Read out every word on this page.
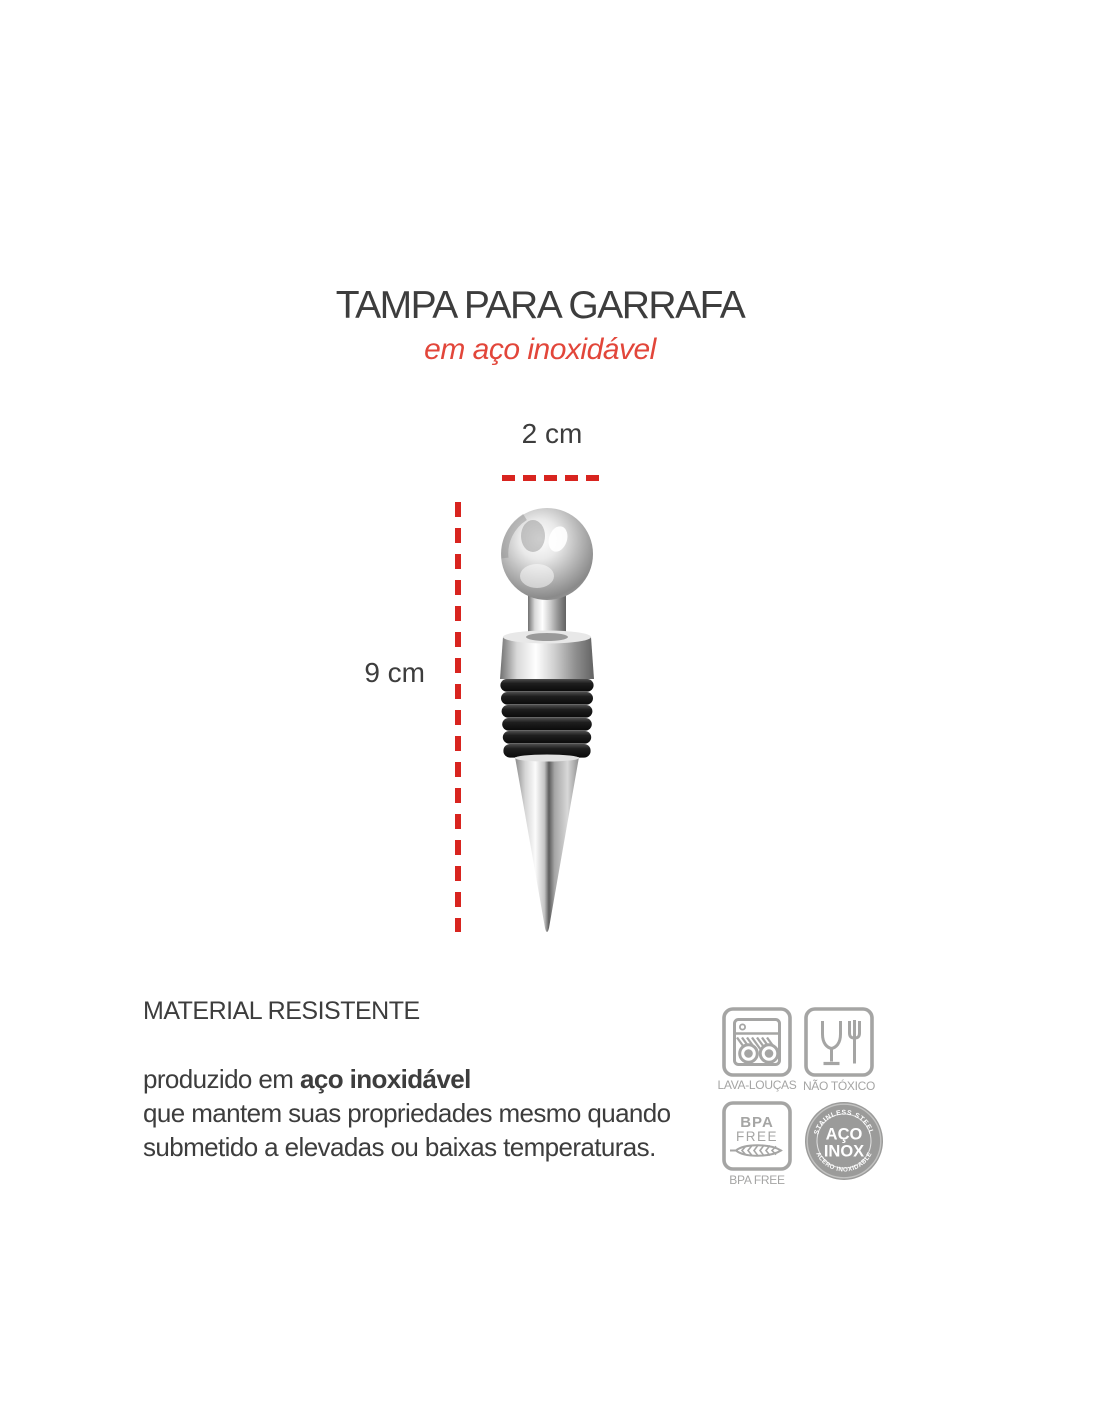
TAMPA PARA GARRAFA
em aço inoxidável
2 cm
9 cm
MATERIAL RESISTENTE

produzido em aço inoxidável
que mantem suas propriedades mesmo quando
submetido a elevadas ou baixas temperaturas.

LAVA-LOUÇAS NÃO TÓXICO
BPA
FREE
BPA FREE
STAINLESS STEEL
AÇO
INOX
ACERO INOXIDABLE
